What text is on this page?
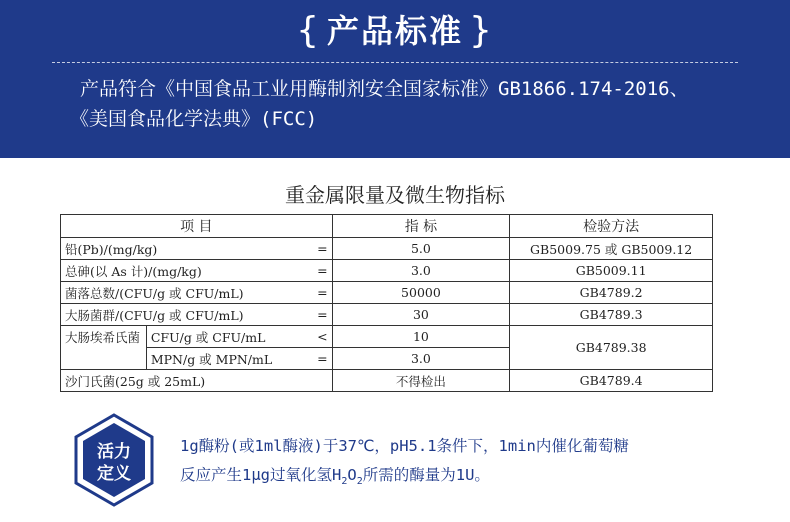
{ 产品标准 }
产品符合《中国食品工业用酶制剂安全国家标准》GB1866.174-2016、
《美国食品化学法典》(FCC)
重金属限量及微生物指标
项 目			指 标	检验方法
铅(Pb)/(mg/kg)		=	5.0	GB5009.75 或 GB5009.12
总砷(以 As 计)/(mg/kg)		=	3.0	GB5009.11
菌落总数/(CFU/g 或 CFU/mL)		=	50000	GB4789.2
大肠菌群/(CFU/g 或 CFU/mL)		=	30	GB4789.3
大肠埃希氏菌	CFU/g 或 CFU/mL	<	10	GB4789.38
	MPN/g 或 MPN/mL	=	3.0	
沙门氏菌(25g 或 25mL)			不得检出	GB4789.4
活力
定义
1g酶粉(或1ml酶液)于37℃，pH5.1条件下，1min内催化葡萄糖
反应产生1μg过氧化氢$H_2O_2$所需的酶量为1U。
